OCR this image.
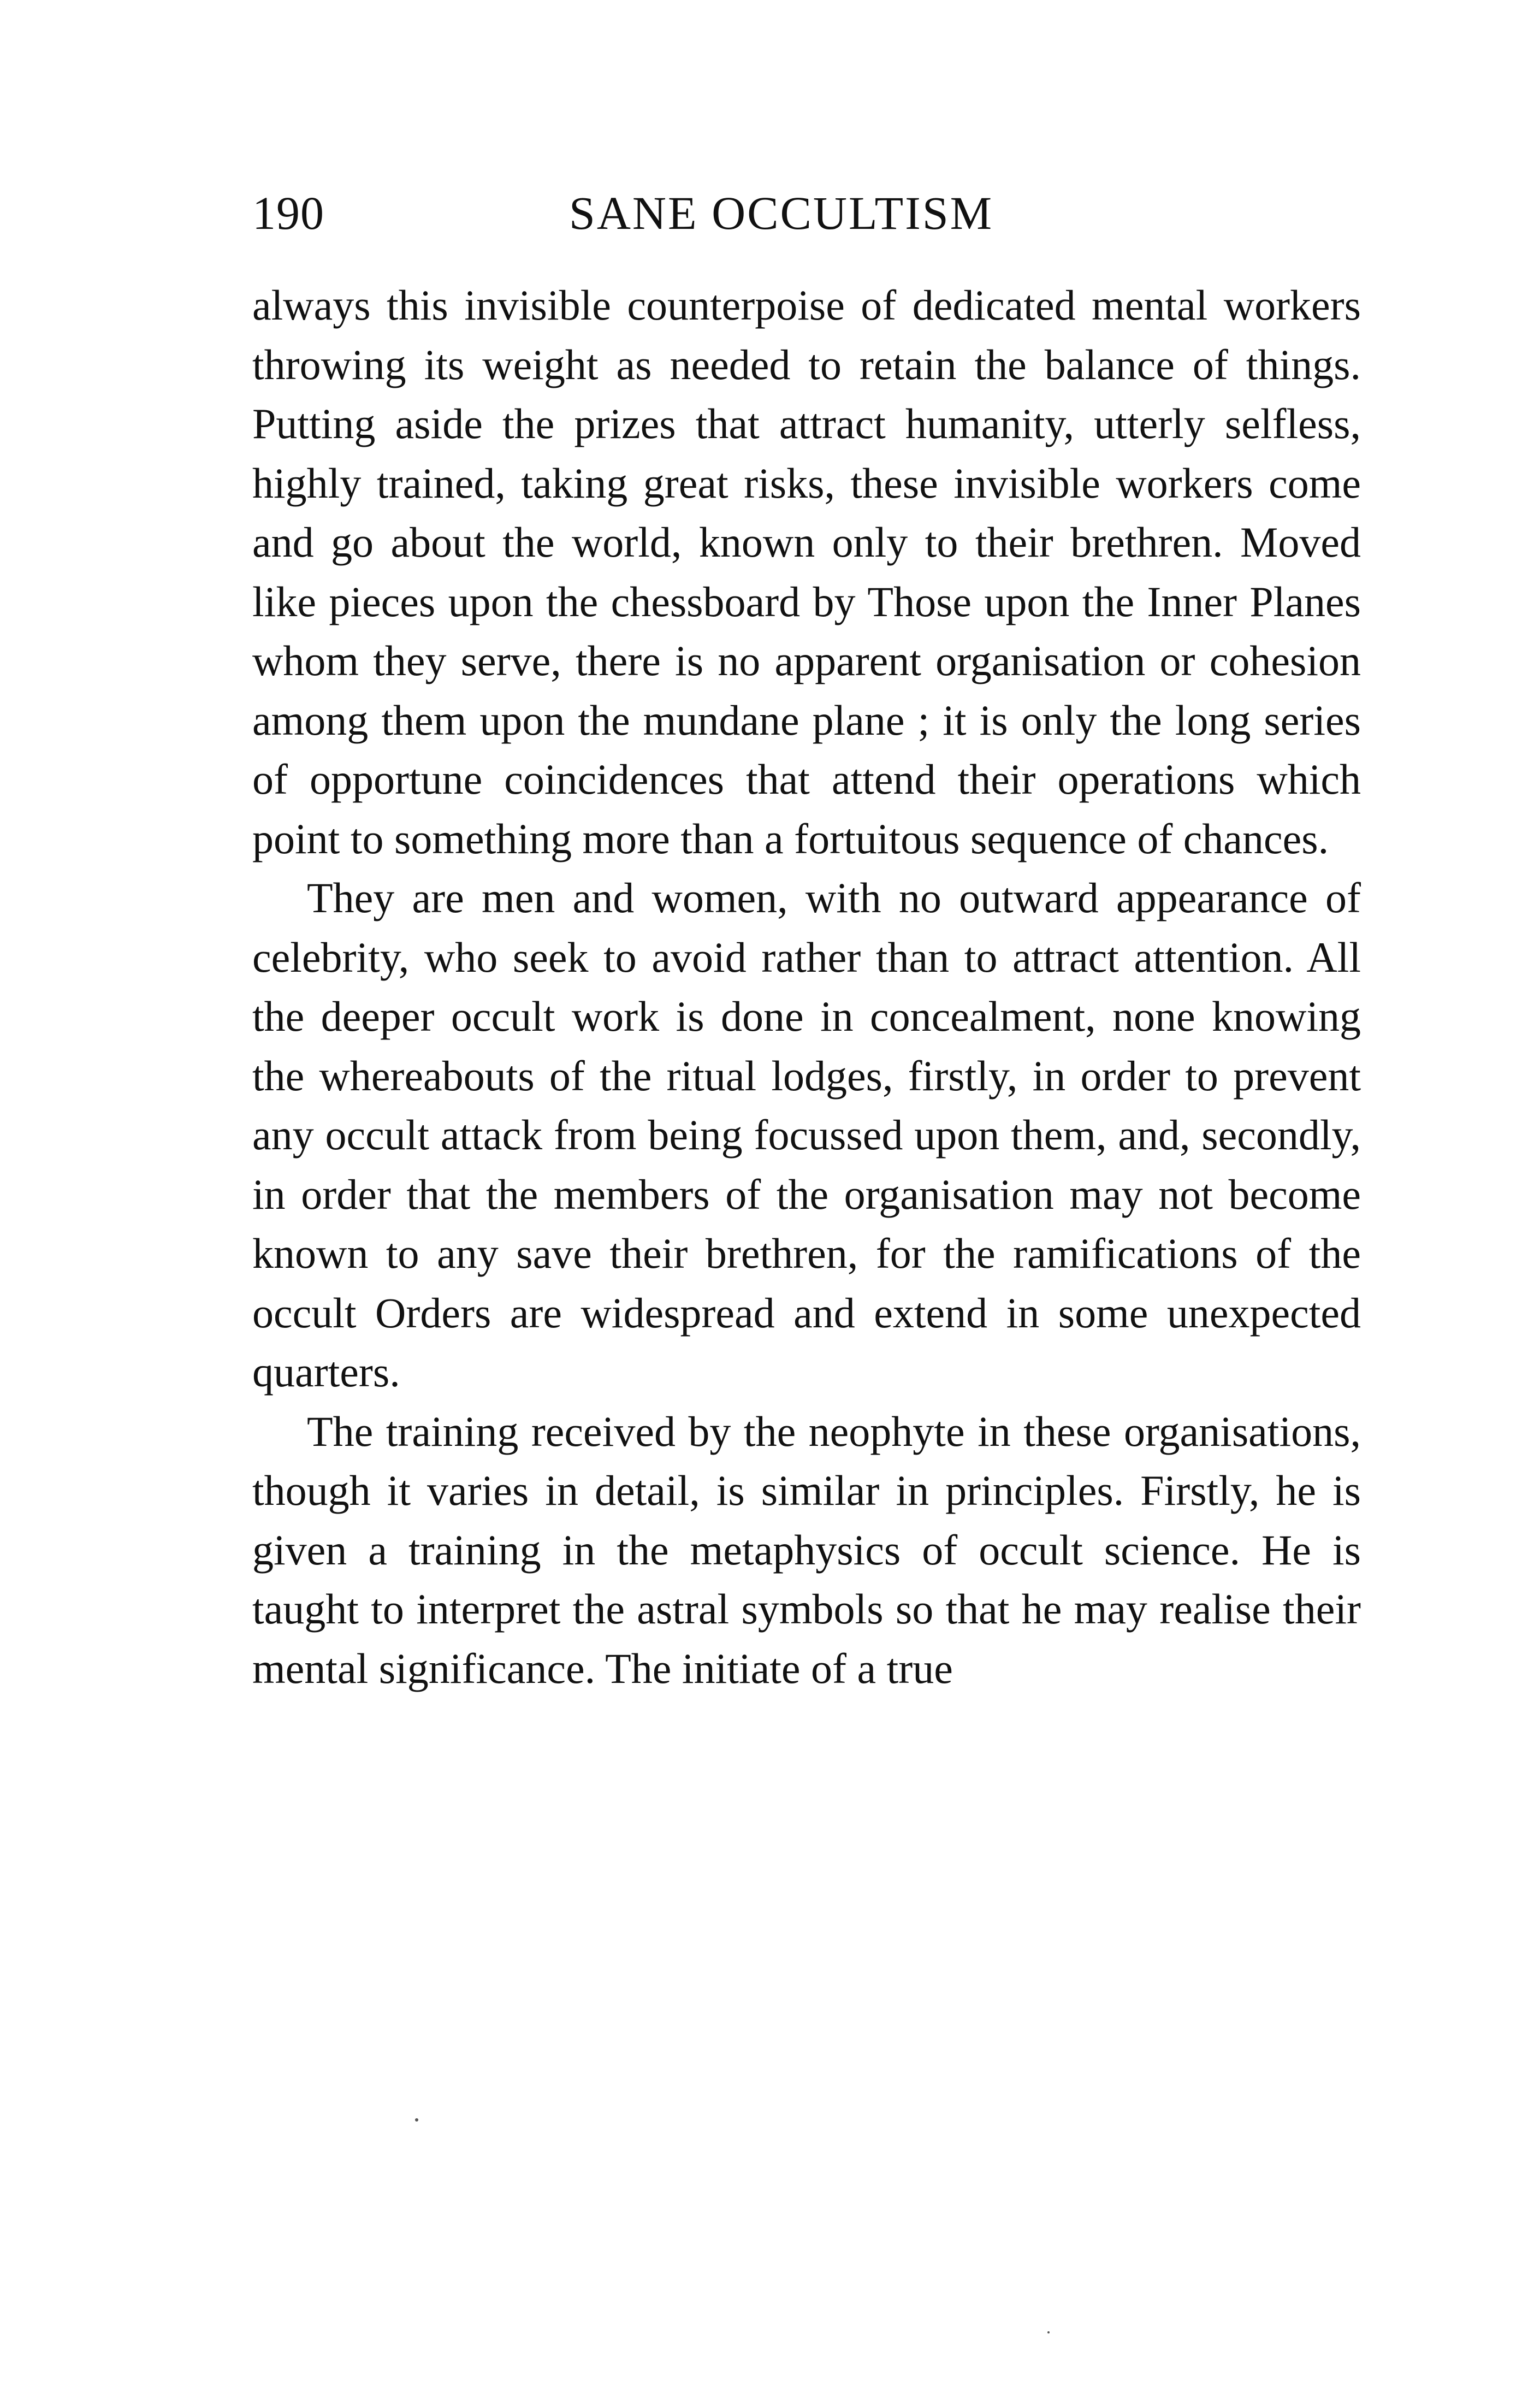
190	SANE OCCULTISM

always this invisible counterpoise of dedicated mental workers throwing its weight as needed to retain the balance of things. Putting aside the prizes that attract humanity, utterly selfless, highly trained, taking great risks, these invisible workers come and go about the world, known only to their brethren. Moved like pieces upon the chessboard by Those upon the Inner Planes whom they serve, there is no apparent organisation or cohesion among them upon the mundane plane ; it is only the long series of opportune coincidences that attend their operations which point to something more than a fortuitous sequence of chances.

They are men and women, with no outward appearance of celebrity, who seek to avoid rather than to attract attention. All the deeper occult work is done in concealment, none knowing the whereabouts of the ritual lodges, firstly, in order to prevent any occult attack from being focussed upon them, and, secondly, in order that the members of the organisation may not become known to any save their brethren, for the ramifications of the occult Orders are widespread and extend in some unexpected quarters.

The training received by the neophyte in these organisations, though it varies in detail, is similar in principles. Firstly, he is given a training in the metaphysics of occult science. He is taught to interpret the astral symbols so that he may realise their mental significance. The initiate of a true
